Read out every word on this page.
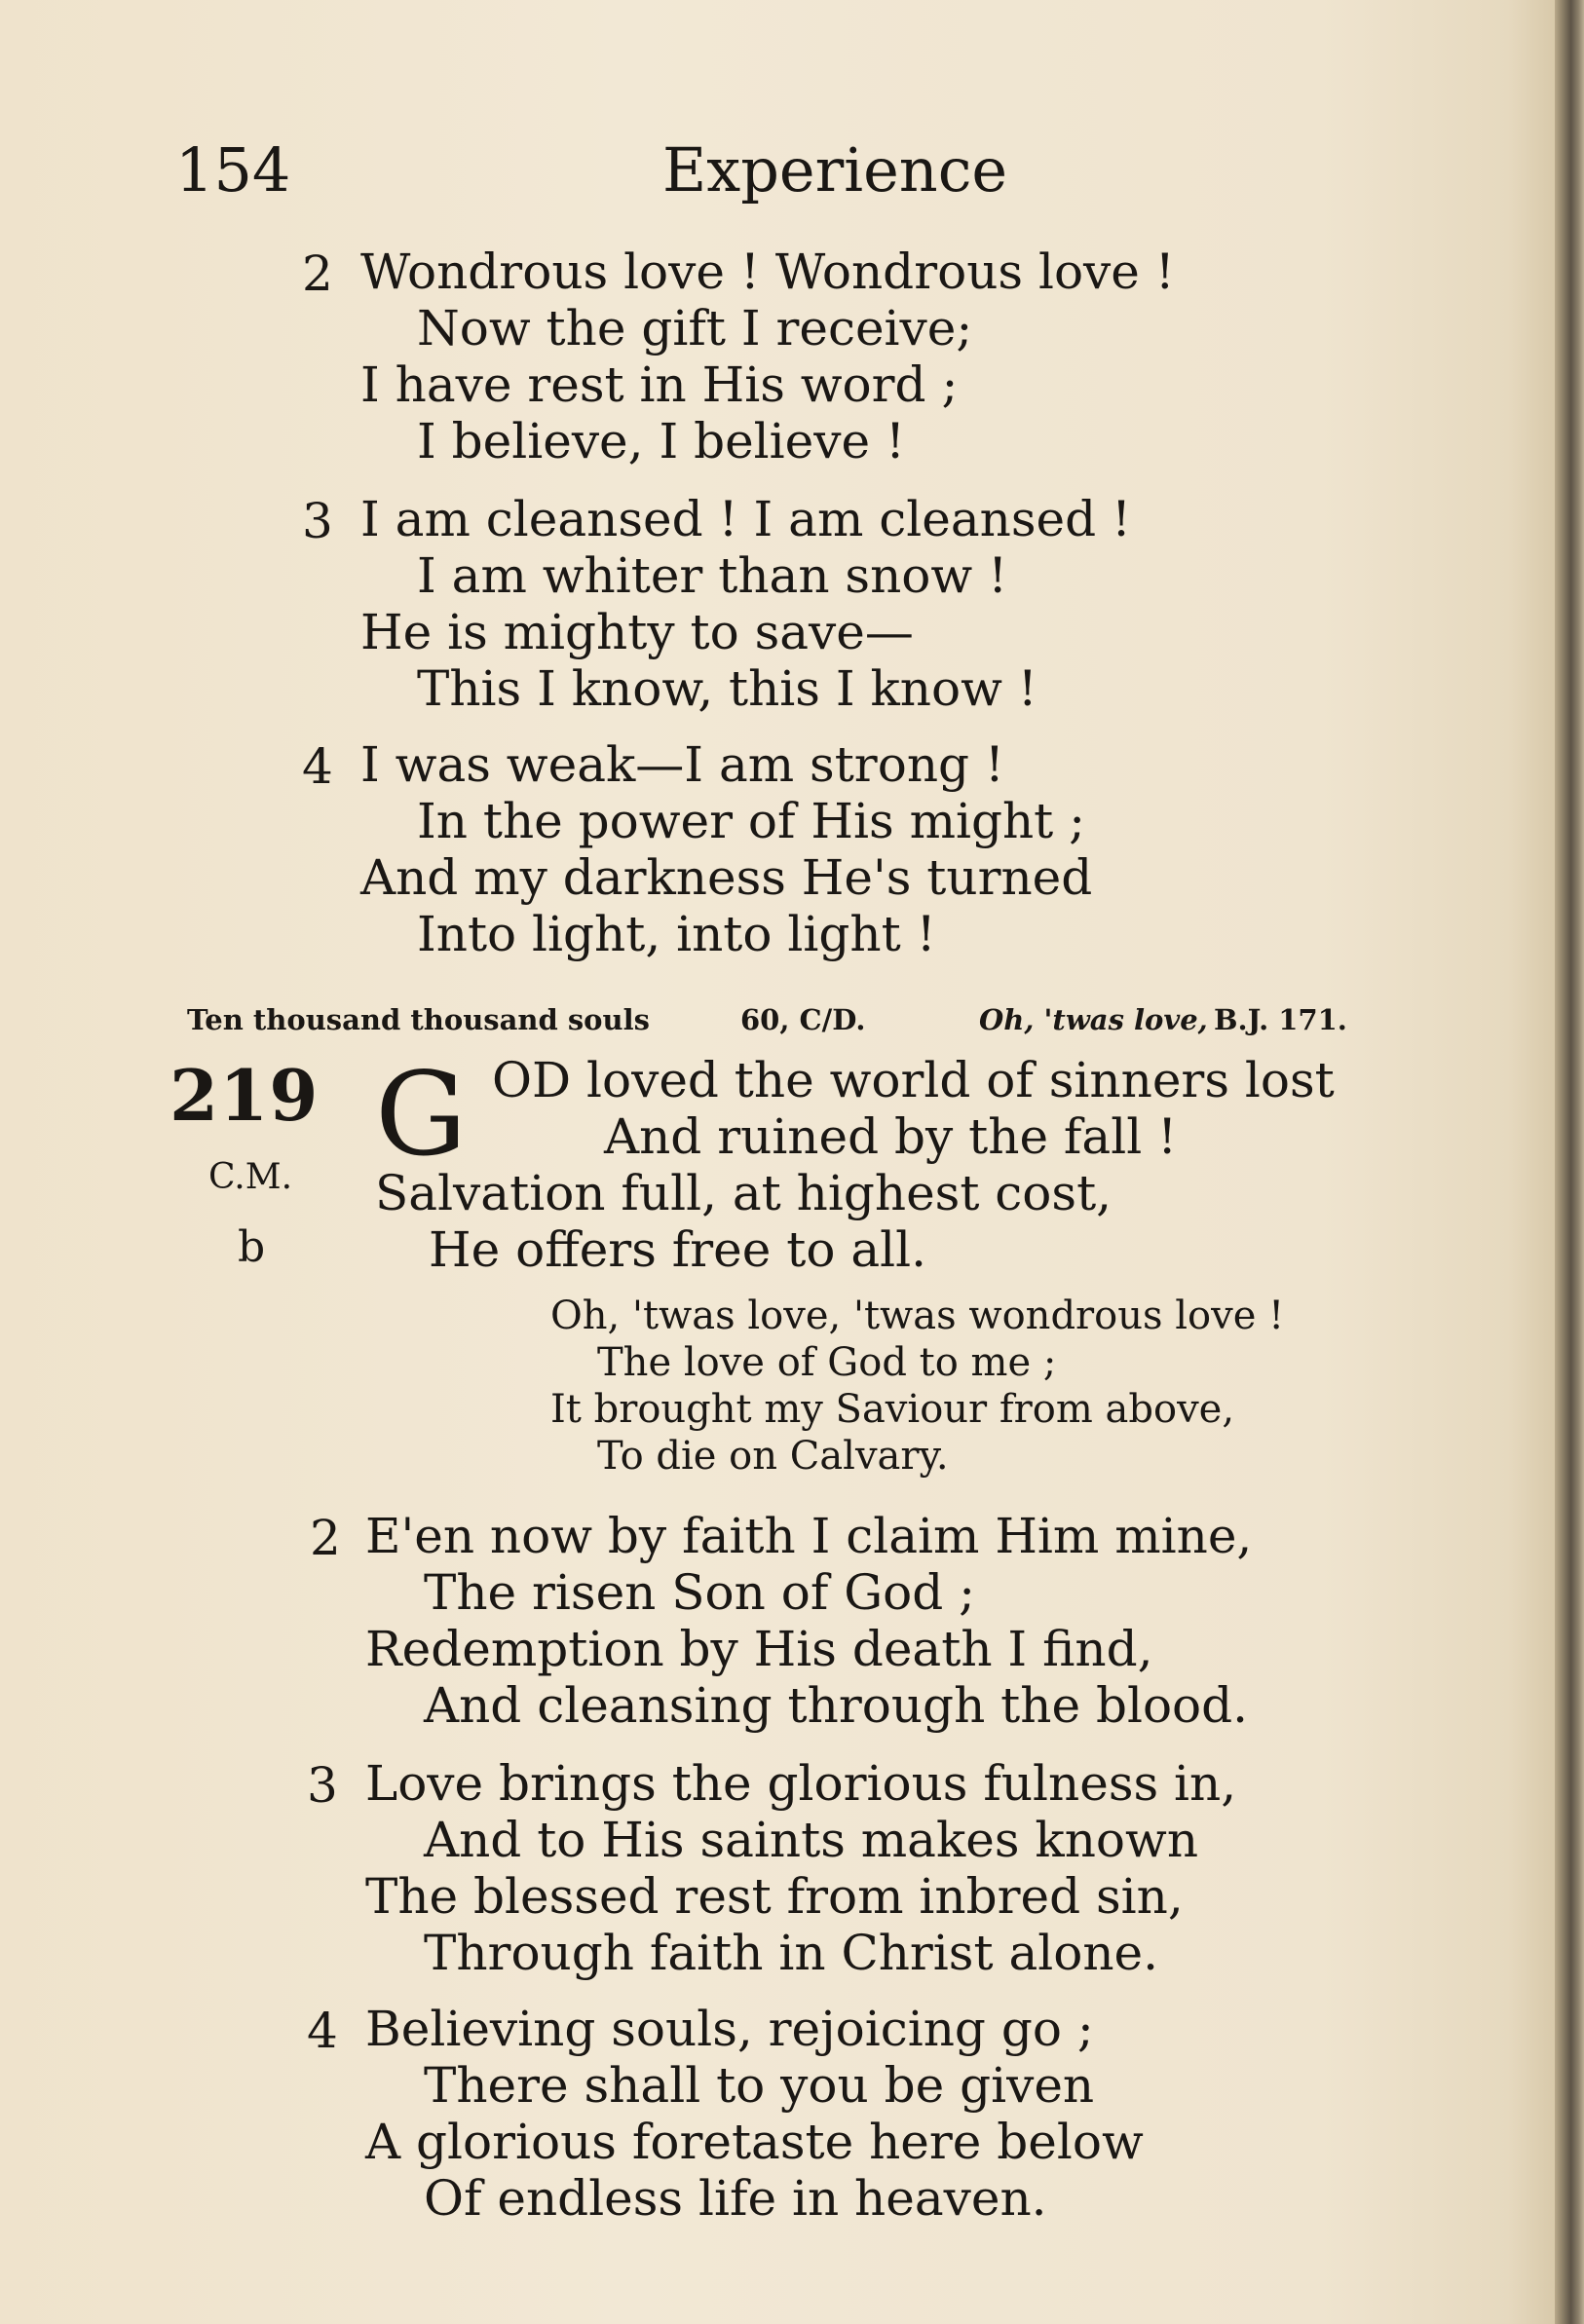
154	Experience
2 Wondrous love ! Wondrous love !
Now the gift I receive;
I have rest in His word ;
I believe, I believe !
3 I am cleansed ! I am cleansed !
I am whiter than snow !
He is mighty to save—
This I know, this I know !
4 I was weak—I am strong !
In the power of His might ;
And my darkness He's turned
Into light, into light !
Ten thousand thousand souls	60, C/D.	Oh, 'twas love, B.J. 171.
219
C.M.
b
G OD loved the world of sinners lost
And ruined by the fall !
Salvation full, at highest cost,
He offers free to all.
Oh, 'twas love, 'twas wondrous love !
The love of God to me ;
It brought my Saviour from above,
To die on Calvary.
2 E'en now by faith I claim Him mine,
The risen Son of God ;
Redemption by His death I find,
And cleansing through the blood.
3 Love brings the glorious fulness in,
And to His saints makes known
The blessed rest from inbred sin,
Through faith in Christ alone.
4 Believing souls, rejoicing go ;
There shall to you be given
A glorious foretaste here below
Of endless life in heaven.
